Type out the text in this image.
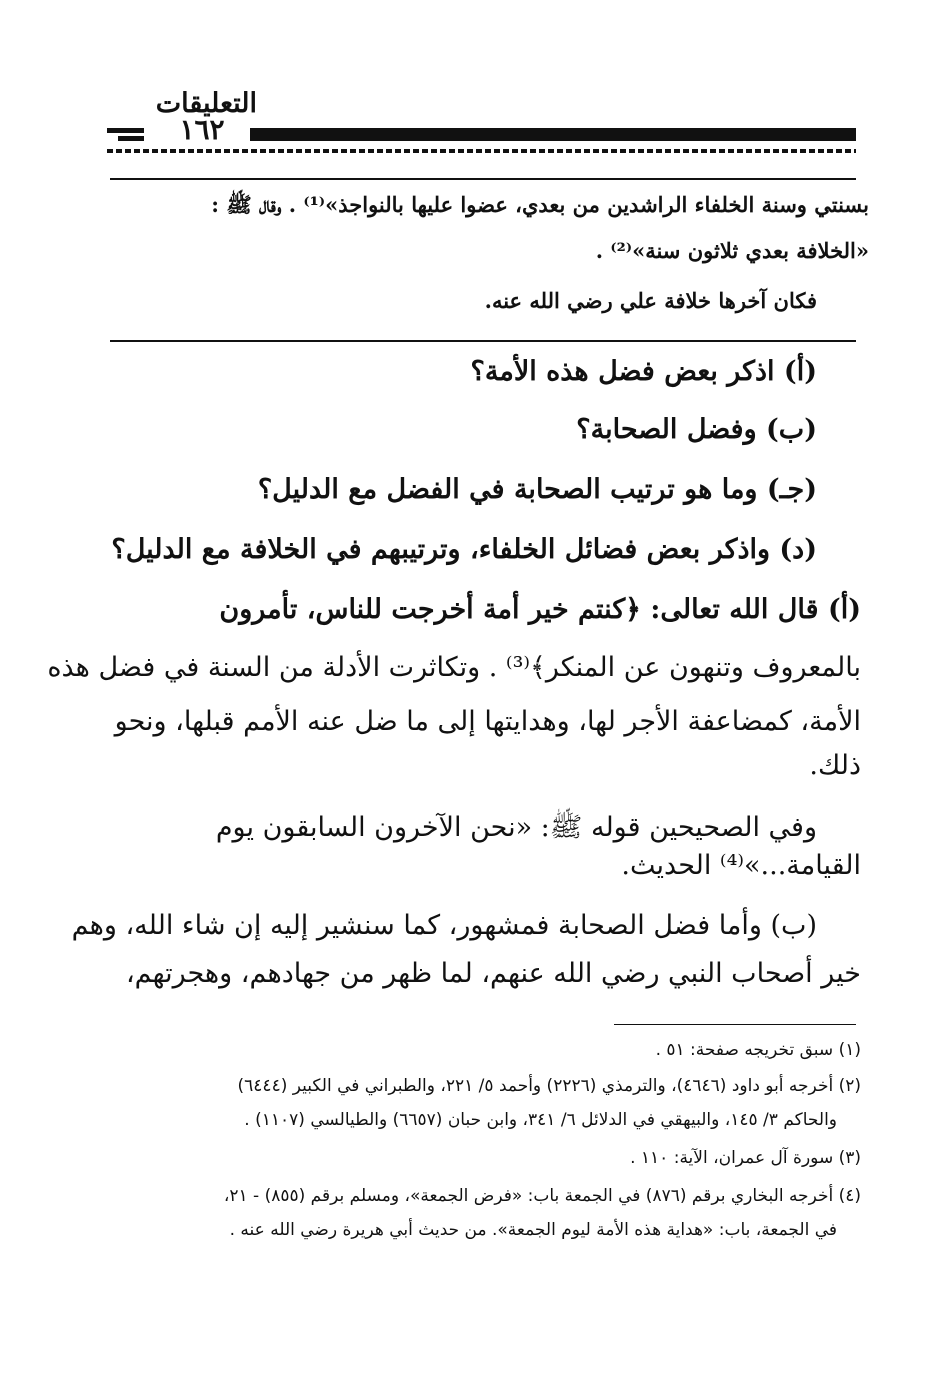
التعليقات
١٦٢
بسنتي وسنة الخلفاء الراشدين من بعدي، عضوا عليها بالنواجذ»⁽¹⁾ . وقال ﷺ :
«الخلافة بعدي ثلاثون سنة»⁽²⁾ .
فكان آخرها خلافة علي رضي الله عنه.
(أ) اذكر بعض فضل هذه الأمة؟
(ب) وفضل الصحابة؟
(جـ) وما هو ترتيب الصحابة في الفضل مع الدليل؟
(د) واذكر بعض فضائل الخلفاء، وترتيبهم في الخلافة مع الدليل؟
(أ) قال الله تعالى: ﴿كنتم خير أمة أخرجت للناس، تأمرون
بالمعروف وتنهون عن المنكر﴾⁽³⁾ . وتكاثرت الأدلة من السنة في فضل هذه
الأمة، كمضاعفة الأجر لها، وهدايتها إلى ما ضل عنه الأمم قبلها، ونحو
ذلك.
وفي الصحيحين قوله ﷺ: «نحن الآخرون السابقون يوم
القيامة...»⁽⁴⁾ الحديث.
(ب) وأما فضل الصحابة فمشهور، كما سنشير إليه إن شاء الله، وهم
خير أصحاب النبي رضي الله عنهم، لما ظهر من جهادهم، وهجرتهم،
(١) سبق تخريجه صفحة: ٥١ .
(٢) أخرجه أبو داود (٤٦٤٦)، والترمذي (٢٢٢٦) وأحمد ٥/ ٢٢١، والطبراني في الكبير (٦٤٤٤)
والحاكم ٣/ ١٤٥، والبيهقي في الدلائل ٦/ ٣٤١، وابن حبان (٦٦٥٧) والطيالسي (١١٠٧) .
(٣) سورة آل عمران، الآية: ١١٠ .
(٤) أخرجه البخاري برقم (٨٧٦) في الجمعة باب: «فرض الجمعة»، ومسلم برقم (٨٥٥) - ٢١،
في الجمعة، باب: «هداية هذه الأمة ليوم الجمعة». من حديث أبي هريرة رضي الله عنه .
